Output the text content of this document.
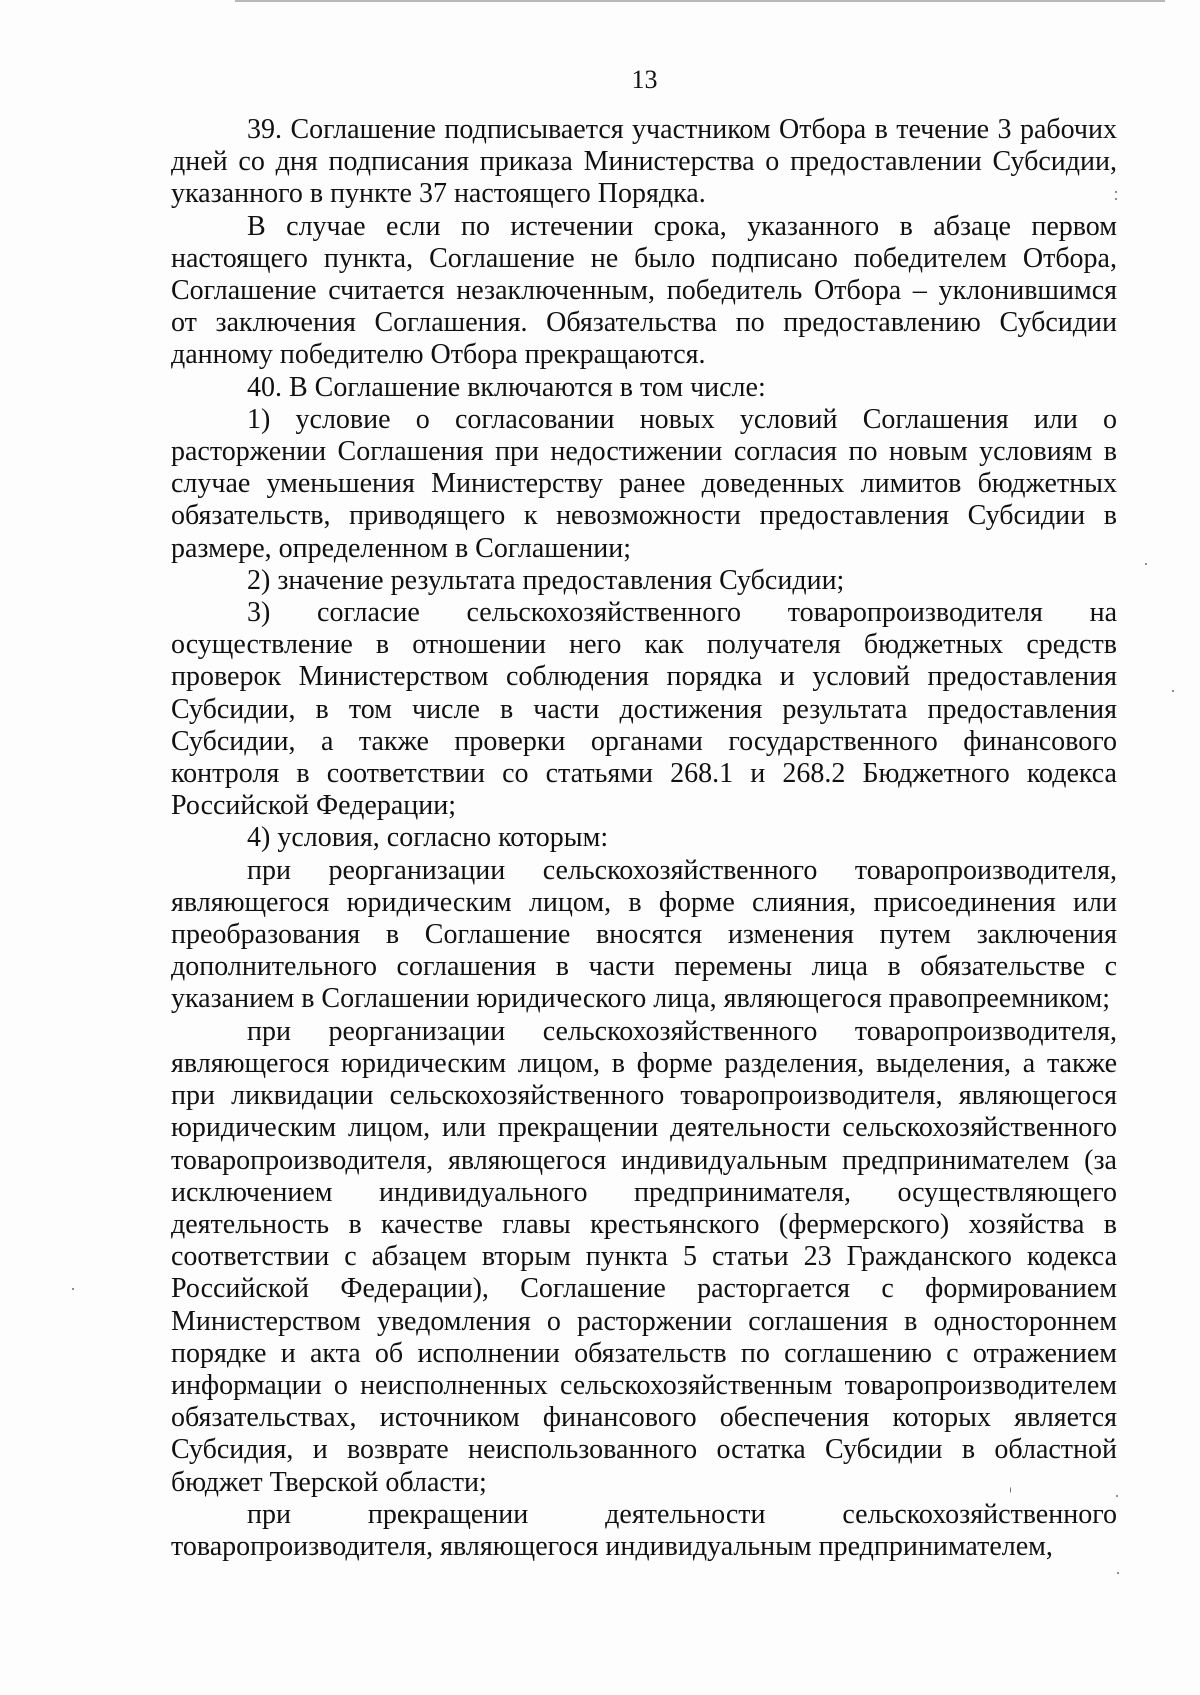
13

39. Соглашение подписывается участником Отбора в течение 3 рабочих дней со дня подписания приказа Министерства о предоставлении Субсидии, указанного в пункте 37 настоящего Порядка.

В случае если по истечении срока, указанного в абзаце первом настоящего пункта, Соглашение не было подписано победителем Отбора, Соглашение считается незаключенным, победитель Отбора – уклонившимся от заключения Соглашения. Обязательства по предоставлению Субсидии данному победителю Отбора прекращаются.

40. В Соглашение включаются в том числе:

1) условие о согласовании новых условий Соглашения или о расторжении Соглашения при недостижении согласия по новым условиям в случае уменьшения Министерству ранее доведенных лимитов бюджетных обязательств, приводящего к невозможности предоставления Субсидии в размере, определенном в Соглашении;

2) значение результата предоставления Субсидии;

3) согласие сельскохозяйственного товаропроизводителя на осуществление в отношении него как получателя бюджетных средств проверок Министерством соблюдения порядка и условий предоставления Субсидии, в том числе в части достижения результата предоставления Субсидии, а также проверки органами государственного финансового контроля в соответствии со статьями 268.1 и 268.2 Бюджетного кодекса Российской Федерации;

4) условия, согласно которым:

при реорганизации сельскохозяйственного товаропроизводителя, являющегося юридическим лицом, в форме слияния, присоединения или преобразования в Соглашение вносятся изменения путем заключения дополнительного соглашения в части перемены лица в обязательстве с указанием в Соглашении юридического лица, являющегося правопреемником;

при реорганизации сельскохозяйственного товаропроизводителя, являющегося юридическим лицом, в форме разделения, выделения, а также при ликвидации сельскохозяйственного товаропроизводителя, являющегося юридическим лицом, или прекращении деятельности сельскохозяйственного товаропроизводителя, являющегося индивидуальным предпринимателем (за исключением индивидуального предпринимателя, осуществляющего деятельность в качестве главы крестьянского (фермерского) хозяйства в соответствии с абзацем вторым пункта 5 статьи 23 Гражданского кодекса Российской Федерации), Соглашение расторгается с формированием Министерством уведомления о расторжении соглашения в одностороннем порядке и акта об исполнении обязательств по соглашению с отражением информации о неисполненных сельскохозяйственным товаропроизводителем обязательствах, источником финансового обеспечения которых является Субсидия, и возврате неиспользованного остатка Субсидии в областной бюджет Тверской области;

при прекращении деятельности сельскохозяйственного товаропроизводителя, являющегося индивидуальным предпринимателем,
